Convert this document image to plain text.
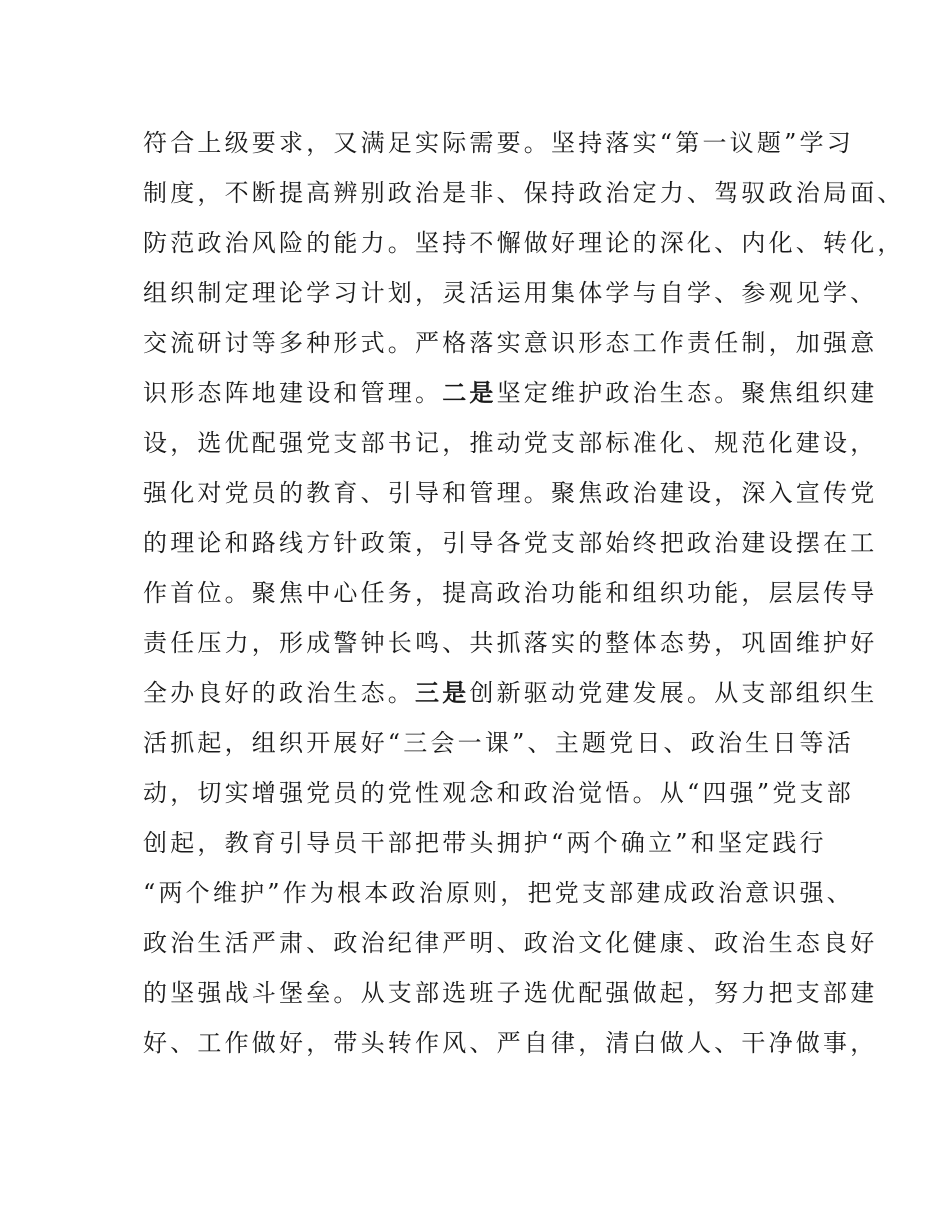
符合上级要求，又满足实际需要。坚持落实“第一议题”学习
制度，不断提高辨别政治是非、保持政治定力、驾驭政治局面、
防范政治风险的能力。坚持不懈做好理论的深化、内化、转化，
组织制定理论学习计划，灵活运用集体学与自学、参观见学、
交流研讨等多种形式。严格落实意识形态工作责任制，加强意
识形态阵地建设和管理。二是坚定维护政治生态。聚焦组织建
设，选优配强党支部书记，推动党支部标准化、规范化建设，
强化对党员的教育、引导和管理。聚焦政治建设，深入宣传党
的理论和路线方针政策，引导各党支部始终把政治建设摆在工
作首位。聚焦中心任务，提高政治功能和组织功能，层层传导
责任压力，形成警钟长鸣、共抓落实的整体态势，巩固维护好
全办良好的政治生态。三是创新驱动党建发展。从支部组织生
活抓起，组织开展好“三会一课”、主题党日、政治生日等活
动，切实增强党员的党性观念和政治觉悟。从“四强”党支部
创起，教育引导员干部把带头拥护“两个确立”和坚定践行
“两个维护”作为根本政治原则，把党支部建成政治意识强、
政治生活严肃、政治纪律严明、政治文化健康、政治生态良好
的坚强战斗堡垒。从支部选班子选优配强做起，努力把支部建
好、工作做好，带头转作风、严自律，清白做人、干净做事，
